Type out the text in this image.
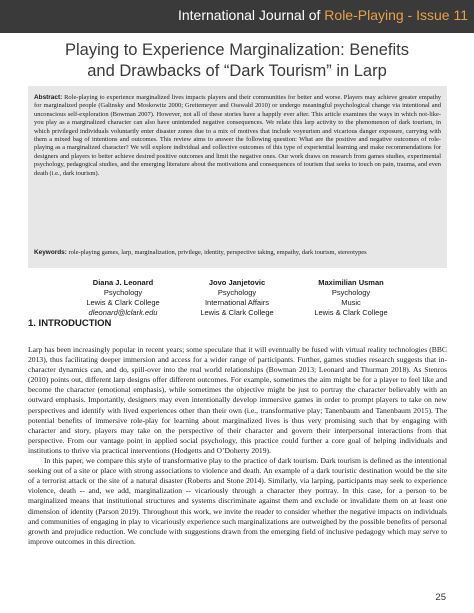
International Journal of Role-Playing - Issue 11
Playing to Experience Marginalization: Benefits
and Drawbacks of “Dark Tourism” in Larp
Abstract: Role-playing to experience marginalized lives impacts players and their communities for better and worse. Players may achieve greater empathy for marginalized people (Galinsky and Moskowitz 2000; Greitemeyer and Osswald 2010) or undergo meaningful psychological change via intentional and unconscious self-exploration (Bowman 2007). However, not all of these stories have a happily ever after. This article examines the ways in which not-like-you play as a marginalized character can also have unintended negative consequences. We relate this larp activity to the phenomenon of dark tourism, in which privileged individuals voluntarily enter disaster zones due to a mix of motives that include voyeurism and vicarious danger exposure, carrying with them a mixed bag of intentions and outcomes. This review aims to answer the following question: What are the positive and negative outcomes of role-playing as a marginalized character? We will explore individual and collective outcomes of this type of experiential learning and make recommendations for designers and players to better achieve desired positive outcomes and limit the negative ones. Our work draws on research from games studies, experimental psychology, pedagogical studies, and the emerging literature about the motivations and consequences of tourism that seeks to touch on pain, trauma, and even death (i.e., dark tourism).
Keywords: role-playing games, larp, marginalization, privilege, identity, perspective taking, empathy, dark tourism, stereotypes
Diana J. Leonard
Psychology
Lewis & Clark College
dleonard@lclark.edu
Jovo Janjetovic
Psychology
International Affairs
Lewis & Clark College
Maximilian Usman
Psychology
Music
Lewis & Clark College
1. INTRODUCTION

Larp has been increasingly popular in recent years; some speculate that it will eventually be fused with virtual reality technologies (BBC 2013), thus facilitating deeper immersion and access for a wider range of participants. Further, games studies research suggests that in-character dynamics can, and do, spill-over into the real world relationships (Bowman 2013; Leonard and Thurman 2018). As Stenros (2010) points out, different larp designs offer different outcomes. For example, sometimes the aim might be for a player to feel like and become the character (emotional emphasis), while sometimes the objective might be just to portray the character believably with an outward emphasis. Importantly, designers may even intentionally develop immersive games in order to prompt players to take on new perspectives and identify with lived experiences other than their own (i.e., transformative play; Tanenbaum and Tanenbaum 2015). The potential benefits of immersive role-play for learning about marginalized lives is thus very promising such that by engaging with character and story, players may take on the perspective of their character and govern their interpersonal interactions from that perspective. From our vantage point in applied social psychology, this practice could further a core goal of helping individuals and institutions to thrive via practical interventions (Hodgetts and O’Doherty 2019).

In this paper, we compare this style of transformative play to the practice of dark tourism. Dark tourism is defined as the intentional seeking out of a site or place with strong associations to violence and death. An example of a dark touristic destination would be the site of a terrorist attack or the site of a natural disaster (Roberts and Stone 2014). Similarly, via larping, participants may seek to experience violence, death -- and, we add, marginalization -- vicariously through a character they portray. In this case, for a person to be marginalized means that institutional structures and systems discriminate against them and exclude or invalidate them on at least one dimension of identity (Parson 2019). Throughout this work, we invite the reader to consider whether the negative impacts on individuals and communities of engaging in play to vicariously experience such marginalizations are outweighed by the possible benefits of personal growth and prejudice reduction. We conclude with suggestions drawn from the emerging field of inclusive pedagogy which may serve to improve outcomes in this direction.

25
